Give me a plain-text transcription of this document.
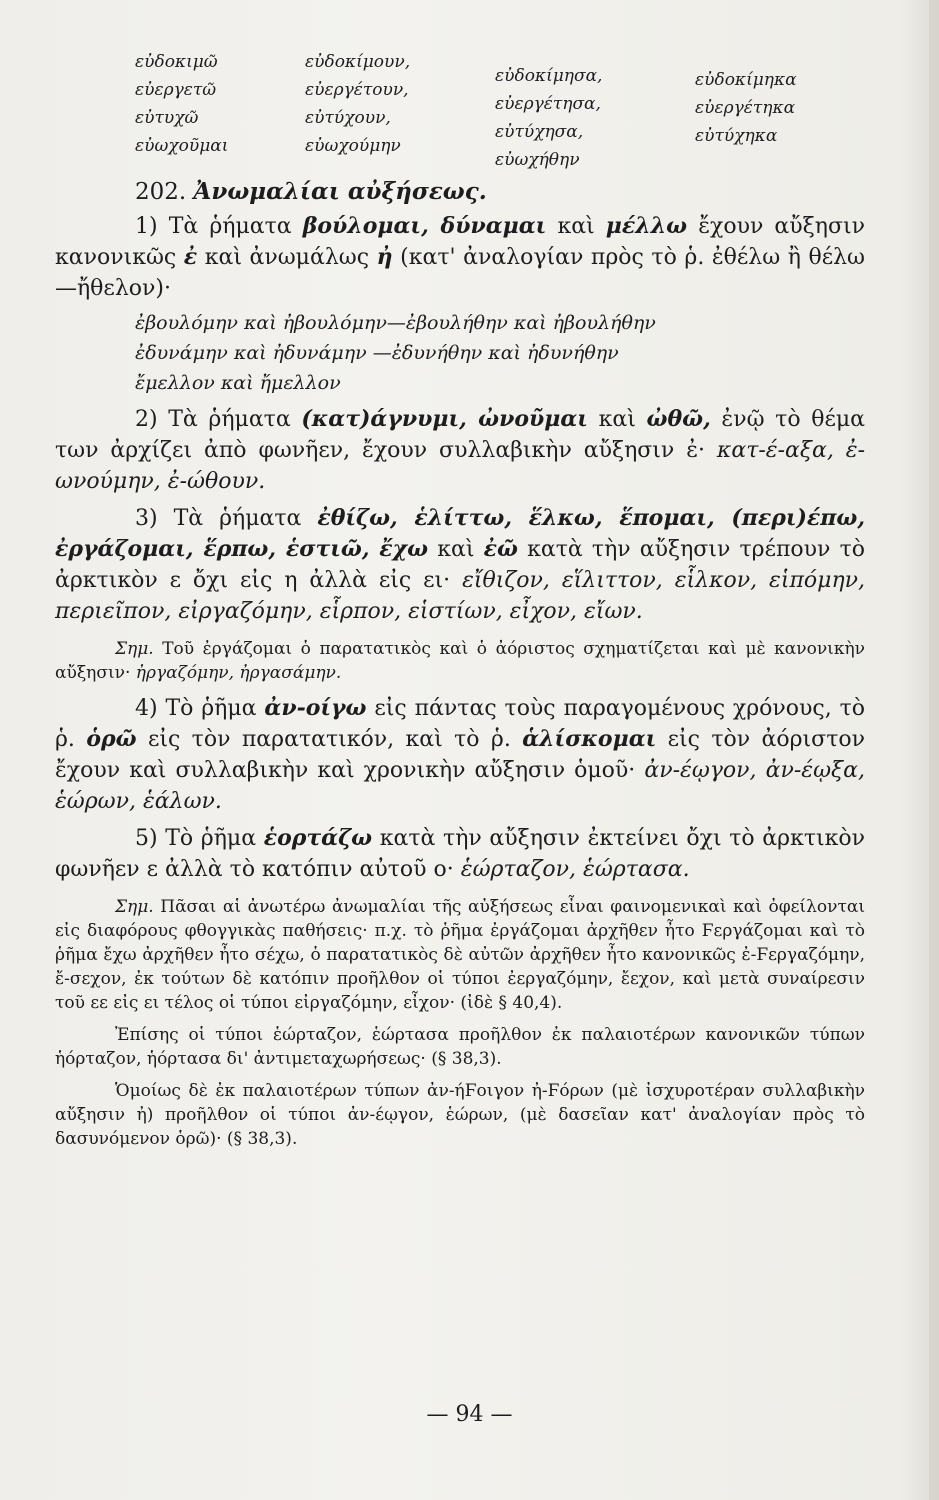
εὐδοκιμῶ
εὐεργετῶ
εὐτυχῶ
εὐωχοῦμαι
εὐδοκίμουν,
εὐεργέτουν,
εὐτύχουν,
εὐωχούμην
εὐδοκίμησα,
εὐεργέτησα,
εὐτύχησα,
εὐωχήθην
εὐδοκίμηκα
εὐεργέτηκα
εὐτύχηκα

202. Ἀνωμαλίαι αὐξήσεως.

1) Τὰ ῥήματα βούλομαι, δύναμαι καὶ μέλλω ἔχουν αὔξησιν κανονικῶς ἐ καὶ ἀνωμάλως ἠ (κατ' ἀναλογίαν πρὸς τὸ ῥ. ἐθέλω ἢ θέλω—ἤθελον)·

ἐβουλόμην καὶ ἠβουλόμην—ἐβουλήθην καὶ ἠβουλήθην
ἐδυνάμην καὶ ἠδυνάμην —ἐδυνήθην καὶ ἠδυνήθην
ἔμελλον καὶ ἤμελλον

2) Τὰ ῥήματα (κατ)άγνυμι, ὠνοῦμαι καὶ ὠθῶ, ἐνῷ τὸ θέμα των ἀρχίζει ἀπὸ φωνῆεν, ἔχουν συλλαβικὴν αὔξησιν ἐ· κατ-έ-αξα, ἐ-ωνούμην, ἐ-ώθουν.

3) Τὰ ῥήματα ἐθίζω, ἑλίττω, ἕλκω, ἕπομαι, (περι)έπω, ἐργάζομαι, ἕρπω, ἑστιῶ, ἔχω καὶ ἐῶ κατὰ τὴν αὔξησιν τρέπουν τὸ ἀρκτικὸν ε ὄχι εἰς η ἀλλὰ εἰς ει· εἴθιζον, εἵλιττον, εἷλκον, εἱπόμην, περιεῖπον, εἰργαζόμην, εἷρπον, εἱστίων, εἶχον, εἴων.

Σημ. Τοῦ ἐργάζομαι ὁ παρατατικὸς καὶ ὁ ἀόριστος σχηματίζεται καὶ μὲ κανονικὴν αὔξησιν· ἠργαζόμην, ἠργασάμην.

4) Τὸ ῥῆμα ἀν-οίγω εἰς πάντας τοὺς παραγομένους χρόνους, τὸ ῥ. ὁρῶ εἰς τὸν παρατατικόν, καὶ τὸ ῥ. ἁλίσκομαι εἰς τὸν ἀόριστον ἔχουν καὶ συλλαβικὴν καὶ χρονικὴν αὔξησιν ὁμοῦ· ἀν-έῳγον, ἀν-έῳξα, ἑώρων, ἑάλων.

5) Τὸ ῥῆμα ἑορτάζω κατὰ τὴν αὔξησιν ἐκτείνει ὄχι τὸ ἀρκτικὸν φωνῆεν ε ἀλλὰ τὸ κατόπιν αὐτοῦ ο· ἑώρταζον, ἑώρτασα.

Σημ. Πᾶσαι αἱ ἀνωτέρω ἀνωμαλίαι τῆς αὐξήσεως εἶναι φαινομενικαὶ καὶ ὀφείλονται εἰς διαφόρους φθογγικὰς παθήσεις· π.χ. τὸ ῥῆμα ἐργάζομαι ἀρχῆθεν ἦτο Ϝεργάζομαι καὶ τὸ ῥῆμα ἔχω ἀρχῆθεν ἦτο σέχω, ὁ παρατατικὸς δὲ αὐτῶν ἀρχῆθεν ἦτο κανονικῶς ἐ-Ϝεργαζόμην, ἔ-σεχον, ἐκ τούτων δὲ κατόπιν προῆλθον οἱ τύποι ἐεργαζόμην, ἔεχον, καὶ μετὰ συναίρεσιν τοῦ εε εἰς ει τέλος οἱ τύποι εἰργαζόμην, εἶχον· (ἰδὲ § 40,4).

Ἐπίσης οἱ τύποι ἑώρταζον, ἑώρτασα προῆλθον ἐκ παλαιοτέρων κανονικῶν τύπων ἡόρταζον, ἡόρτασα δι' ἀντιμεταχωρήσεως· (§ 38,3).

Ὁμοίως δὲ ἐκ παλαιοτέρων τύπων ἀν-ήϜοιγον ἠ-Ϝόρων (μὲ ἰσχυροτέραν συλλαβικὴν αὔξησιν ἠ) προῆλθον οἱ τύποι ἀν-έῳγον, ἑώρων, (μὲ δασεῖαν κατ' ἀναλογίαν πρὸς τὸ δασυνόμενον ὁρῶ)· (§ 38,3).

— 94 —
